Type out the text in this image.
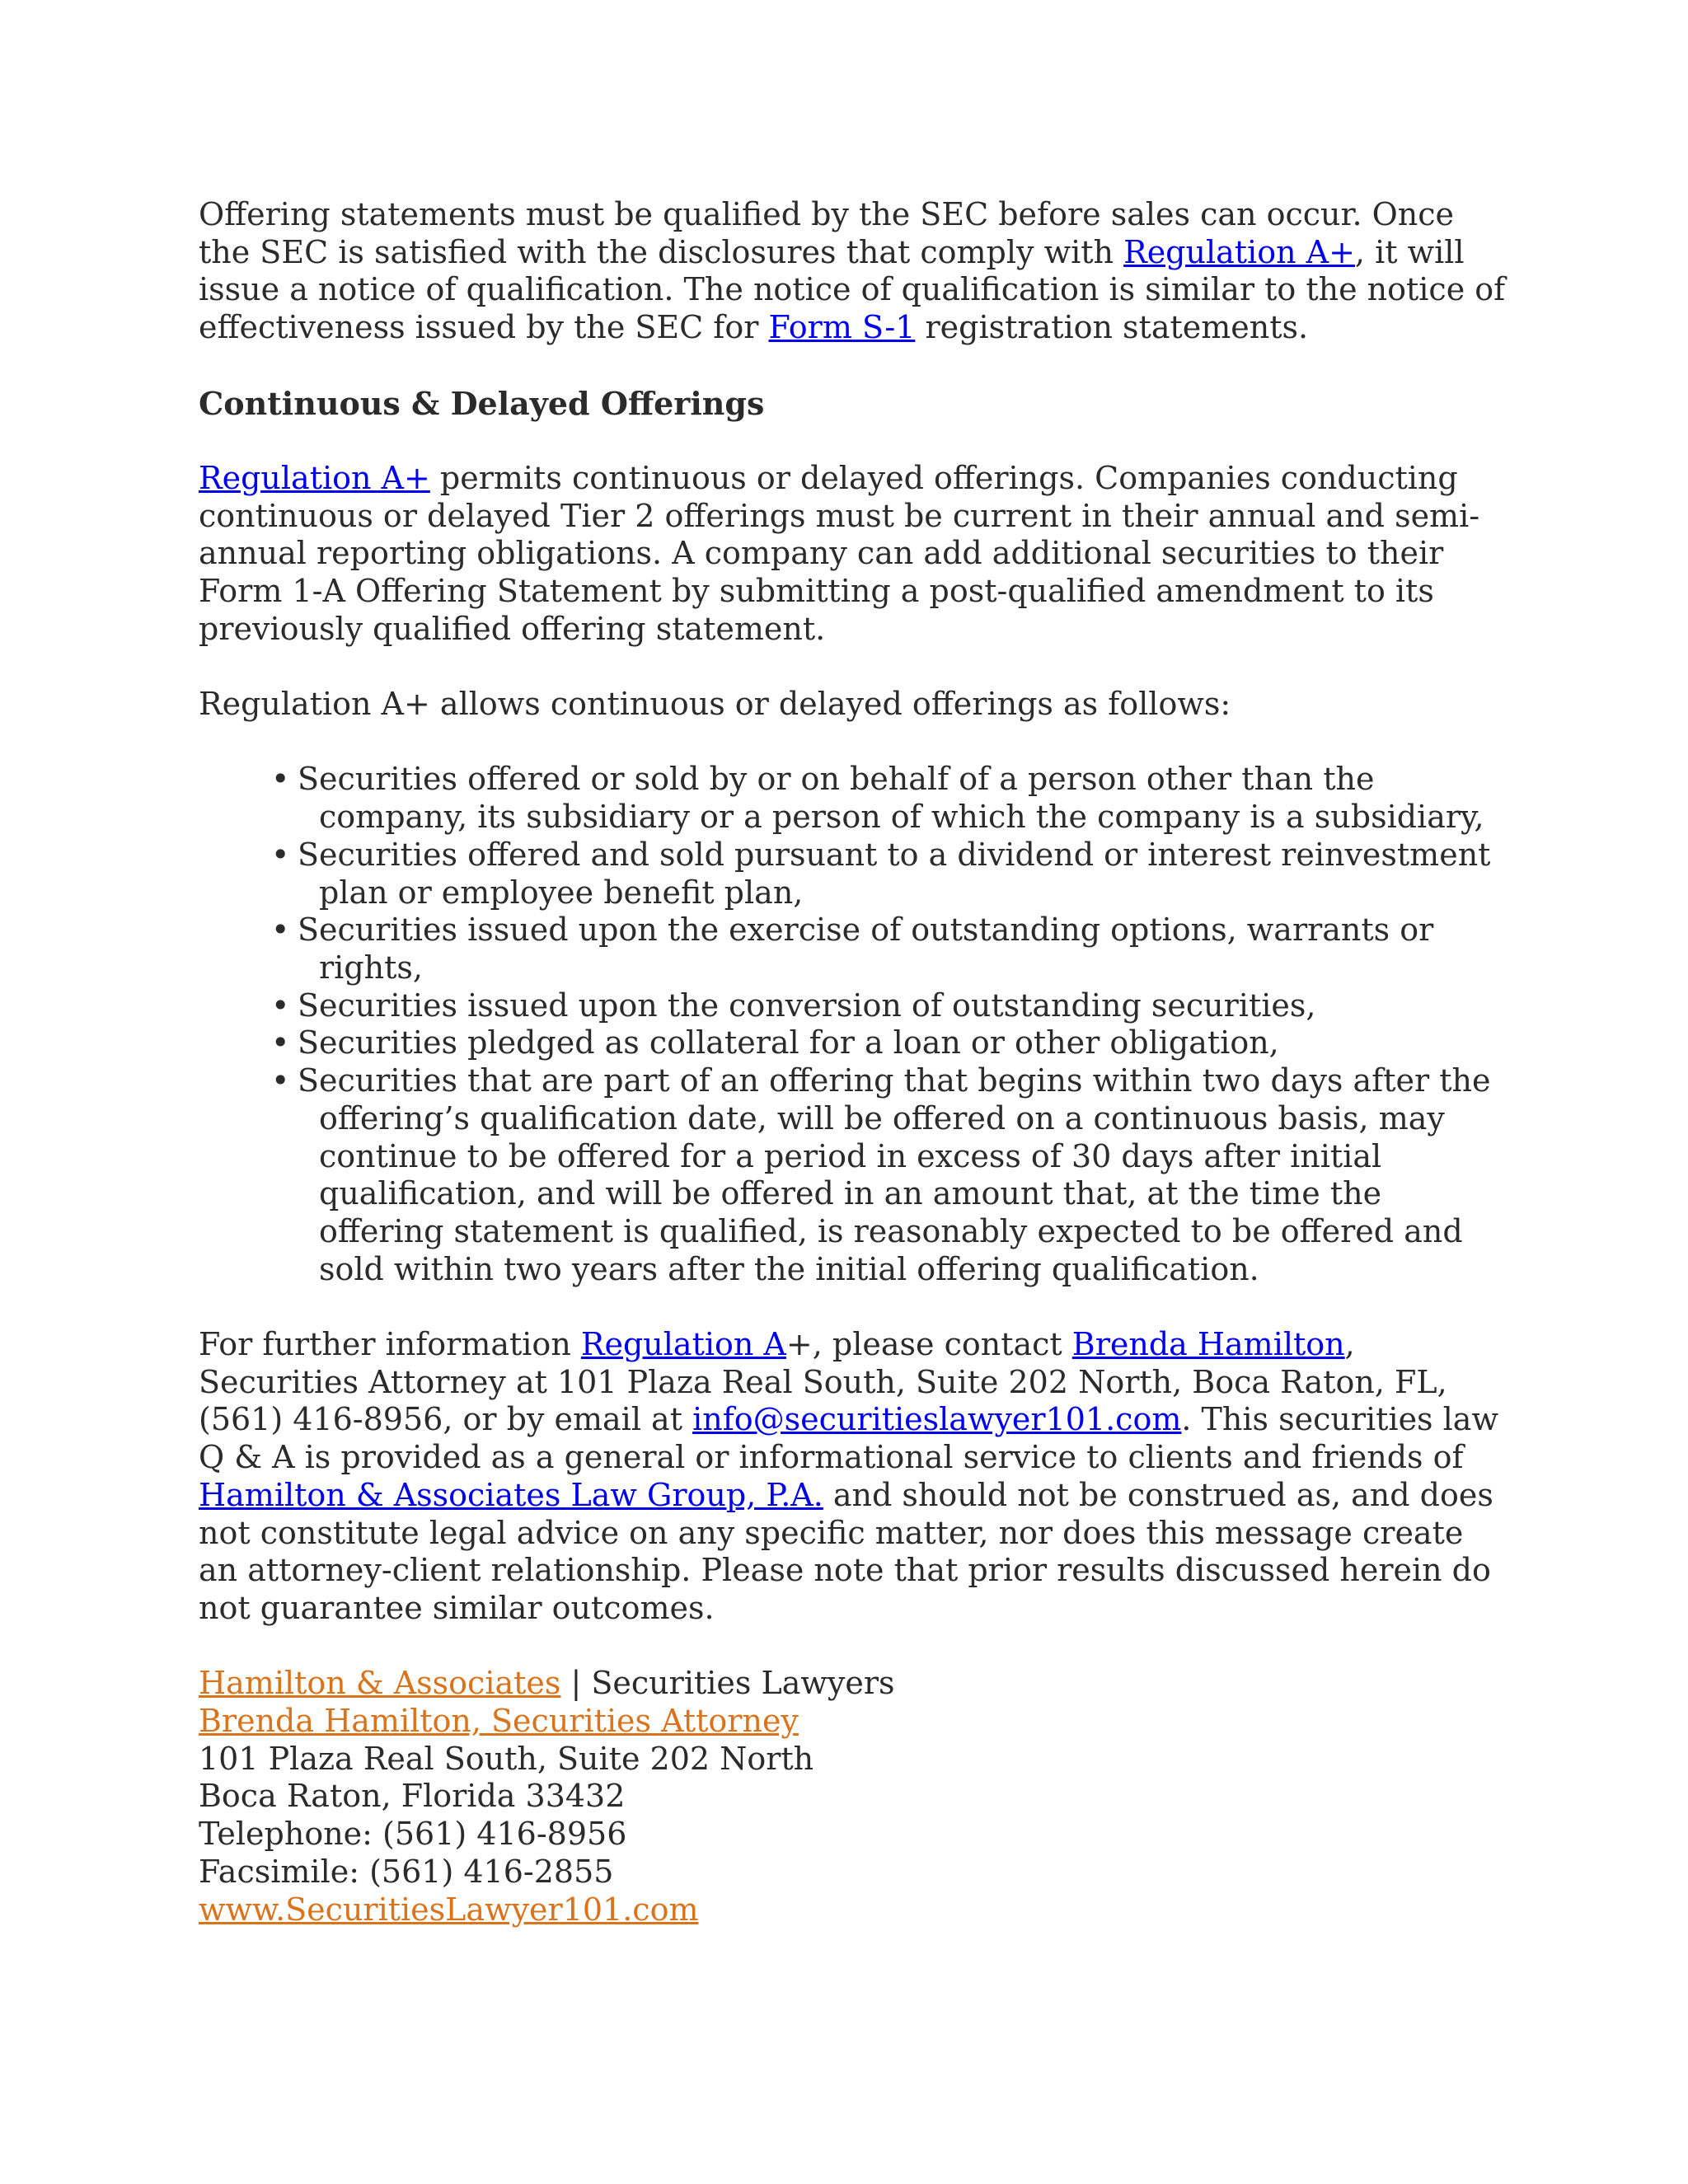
Offering statements must be qualified by the SEC before sales can occur. Once the SEC is satisfied with the disclosures that comply with Regulation A+, it will issue a notice of qualification. The notice of qualification is similar to the notice of effectiveness issued by the SEC for Form S-1 registration statements.

Continuous & Delayed Offerings

Regulation A+ permits continuous or delayed offerings. Companies conducting continuous or delayed Tier 2 offerings must be current in their annual and semi-annual reporting obligations. A company can add additional securities to their Form 1-A Offering Statement by submitting a post-qualified amendment to its previously qualified offering statement.

Regulation A+ allows continuous or delayed offerings as follows:

• Securities offered or sold by or on behalf of a person other than the company, its subsidiary or a person of which the company is a subsidiary,
• Securities offered and sold pursuant to a dividend or interest reinvestment plan or employee benefit plan,
• Securities issued upon the exercise of outstanding options, warrants or rights,
• Securities issued upon the conversion of outstanding securities,
• Securities pledged as collateral for a loan or other obligation,
• Securities that are part of an offering that begins within two days after the offering’s qualification date, will be offered on a continuous basis, may continue to be offered for a period in excess of 30 days after initial qualification, and will be offered in an amount that, at the time the offering statement is qualified, is reasonably expected to be offered and sold within two years after the initial offering qualification.

For further information Regulation A+, please contact Brenda Hamilton, Securities Attorney at 101 Plaza Real South, Suite 202 North, Boca Raton, FL, (561) 416-8956, or by email at info@securitieslawyer101.com. This securities law Q & A is provided as a general or informational service to clients and friends of Hamilton & Associates Law Group, P.A. and should not be construed as, and does not constitute legal advice on any specific matter, nor does this message create an attorney-client relationship. Please note that prior results discussed herein do not guarantee similar outcomes.

Hamilton & Associates | Securities Lawyers
Brenda Hamilton, Securities Attorney
101 Plaza Real South, Suite 202 North
Boca Raton, Florida 33432
Telephone: (561) 416-8956
Facsimile: (561) 416-2855
www.SecuritiesLawyer101.com
